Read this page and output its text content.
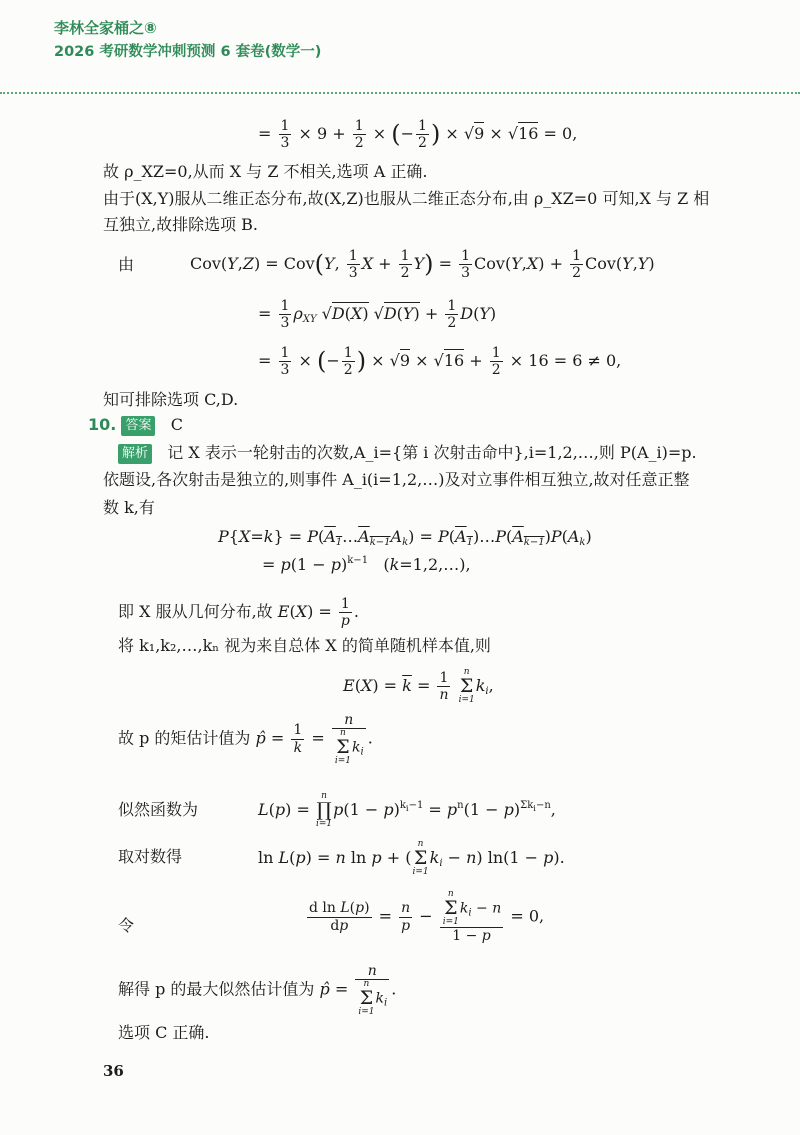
李林全家桶之⑧
2026 考研数学冲刺预测 6 套卷(数学一)
= $\frac{1}{3} \times 9 + \frac{1}{2}$ × (− $\frac{1}{2}$ ) × √9 × √16 = 0,
故 ρ_XZ=0,从而 X 与 Z 不相关,选项 A 正确.
由于(X,Y)服从二维正态分布,故(X,Z)也服从二维正态分布,由 ρ_XZ=0 可知,X 与 Z 相
互独立,故排除选项 B.
由	Cov(Y,Z) = Cov(Y, $\frac{1}{3}$ $X + \frac{1}{2} Y) = \frac{1}{3} Cov(Y,X) + \frac{1}{2} Cov(Y,Y)$
= $\frac{1}{3} \rho_{XY}$ √D(X) $√D(Y) + \frac{1}{2} D(Y)$
= $\frac{1}{3}$ × (− $\frac{1}{2}$ ) × $√9 \times √16 + \frac{1}{2} \times 16 = 6 \ne 0$,
知可排除选项 C,D.
10. 答案 C
解析 记 X 表示一轮射击的次数,A_i={第 i 次射击命中},i=1,2,…,则 P(A_i)=p.
依题设,各次射击是独立的,则事件 A_i(i=1,2,…)及对立事件相互独立,故对任意正整
数 k,有
$P\{X=k\} = P(A_1\dots A_{k-1}A_k)$ = $P(A_1)\dots P(A_{k-1})P(A_k)$
= $p(1 - p)^{k-1}$   (k=1,2,…),
即 X 服从几何分布,故 $E(X) = \frac{1}{p}$ .
将 k₁,k₂,…,kₙ 视为来自总体 X 的简单随机样本值,则
$E(X) = \overline{k} = \frac{1}{n}$
	n
Σ
i=1
$k_i$,
故 p 的矩估计值为 p̂ = $\frac{1}{k}$ =
n
n
Σ
i=1
$k_i$
.
似然函数为	L(p) =
n
∏
i=1
$p(1 - p)^{k_i-1} = p^n(1 - p)^{\Sigma k_i-n}$,
取对数得	ln L(p) = n ln p + (
n
Σ
i=1
$k_i - n$) ln(1 − p).
令	$\frac{\text{d ln L(p)}}{dp} = \frac{n}{p}$ −
n
Σ
i=1
$k_i - n$
1 − p
= 0,
解得 p 的最大似然估计值为 p̂ =
n
n
Σ
i=1
$k_i$
.
选项 C 正确.
36
